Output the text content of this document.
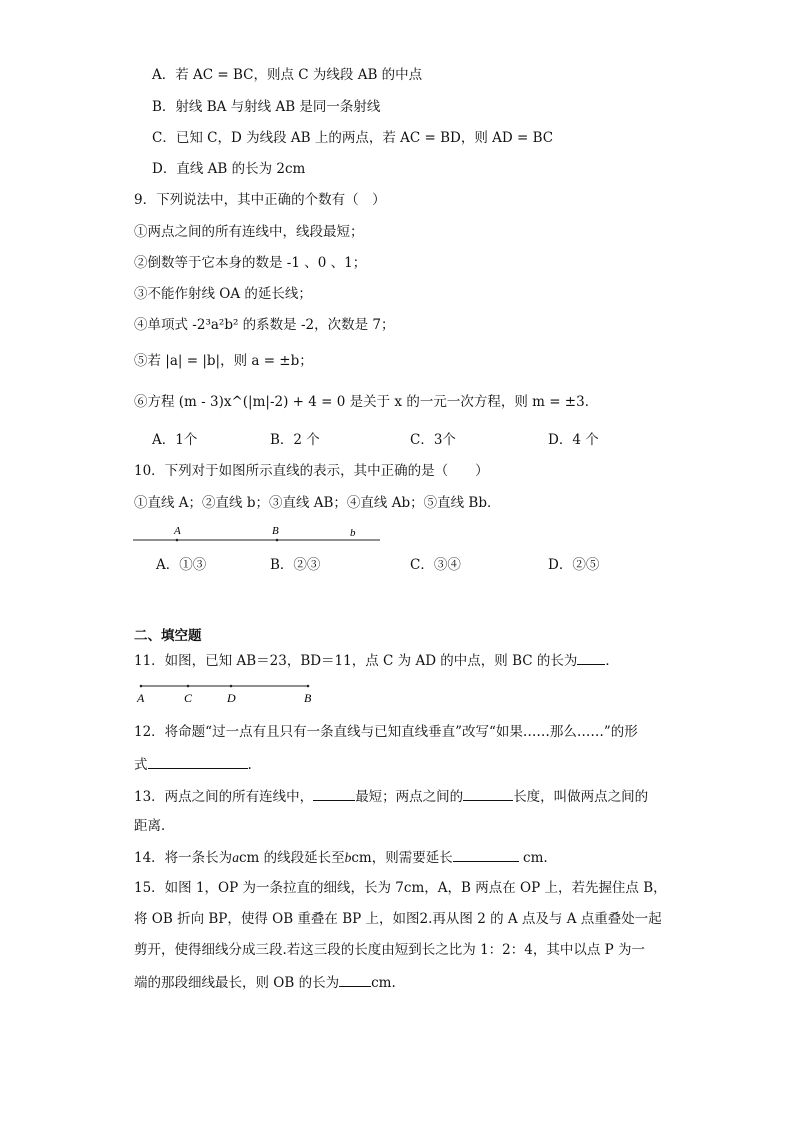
A．若 AC = BC，则点 C 为线段 AB 的中点
B．射线 BA 与射线 AB 是同一条射线
C．已知 C，D 为线段 AB 上的两点，若 AC = BD，则 AD = BC
D．直线 AB 的长为 2cm
9．下列说法中，其中正确的个数有（　）
①两点之间的所有连线中，线段最短；
②倒数等于它本身的数是 -1 、0 、1；
③不能作射线 OA 的延长线；
④单项式 -2³a²b² 的系数是 -2，次数是 7；
⑤若 |a| = |b|，则 a = ±b；
⑥方程 (m - 3)x^(|m|-2) + 4 = 0 是关于 x 的一元一次方程，则 m = ±3．
A．1个	B．2 个	C．3个	D．4 个
10．下列对于如图所示直线的表示，其中正确的是（　　）
①直线 A；②直线 b；③直线 AB；④直线 Ab；⑤直线 Bb．
A	B	b
A．①③	B．②③	C．③④	D．②⑤
二、填空题
11．如图，已知 AB＝23，BD＝11，点 C 为 AD 的中点，则 BC 的长为 ．
A	C	D	B
12．将命题“过一点有且只有一条直线与已知直线垂直”改写“如果……那么……”的形
式	.
13．两点之间的所有连线中，	最短；两点之间的	长度，叫做两点之间的
距离．
14．将一条长为acm 的线段延长至bcm，则需要延长	cm.
15．如图 1，OP 为一条拉直的细线，长为 7cm，A，B 两点在 OP 上，若先握住点 B，
将 OB 折向 BP，使得 OB 重叠在 BP 上，如图2.再从图 2 的 A 点及与 A 点重叠处一起
剪开，使得细线分成三段.若这三段的长度由短到长之比为 1：2：4，其中以点 P 为一
端的那段细线最长，则 OB 的长为 cm.
